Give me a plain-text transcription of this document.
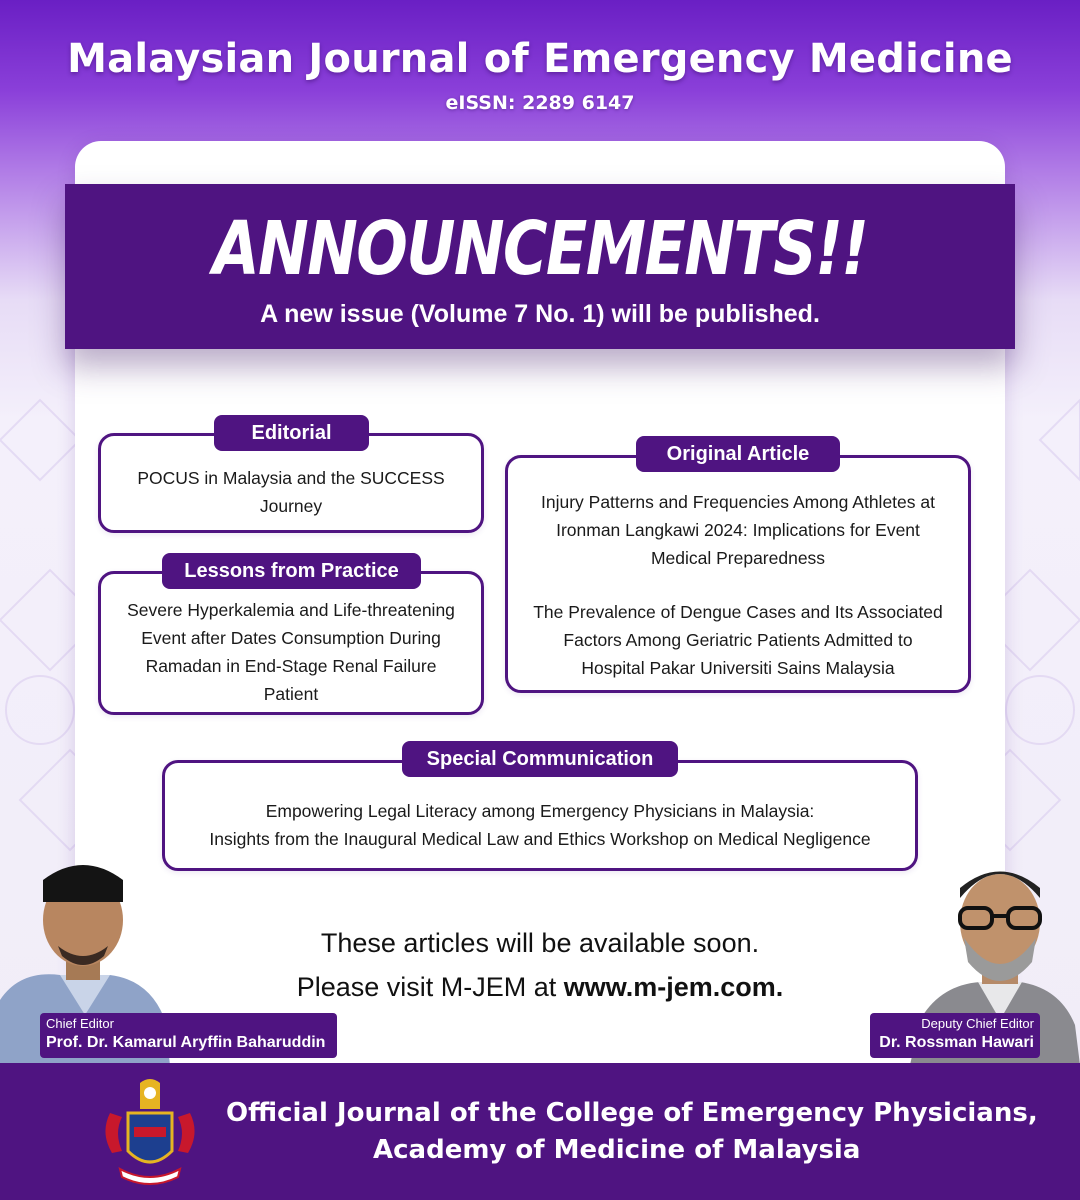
Malaysian Journal of Emergency Medicine
eISSN: 2289 6147
ANNOUNCEMENTS!!
A new issue (Volume 7 No. 1) will be published.
POCUS in Malaysia and the SUCCESS
Journey
Editorial
Severe Hyperkalemia and Life-threatening
Event after Dates Consumption During
Ramadan in End-Stage Renal Failure
Patient
Lessons from Practice
Injury Patterns and Frequencies Among Athletes at
Ironman Langkawi 2024: Implications for Event
Medical Preparedness
The Prevalence of Dengue Cases and Its Associated
Factors Among Geriatric Patients Admitted to
Hospital Pakar Universiti Sains Malaysia
Original Article
Empowering Legal Literacy among Emergency Physicians in Malaysia:
Insights from the Inaugural Medical Law and Ethics Workshop on Medical Negligence
Special Communication
These articles will be available soon.
Please visit M-JEM at www.m-jem.com.
Chief Editor
Prof. Dr. Kamarul Aryffin Baharuddin
Deputy Chief Editor
Dr. Rossman Hawari
Official Journal of the College of Emergency Physicians,
Academy of Medicine of Malaysia
